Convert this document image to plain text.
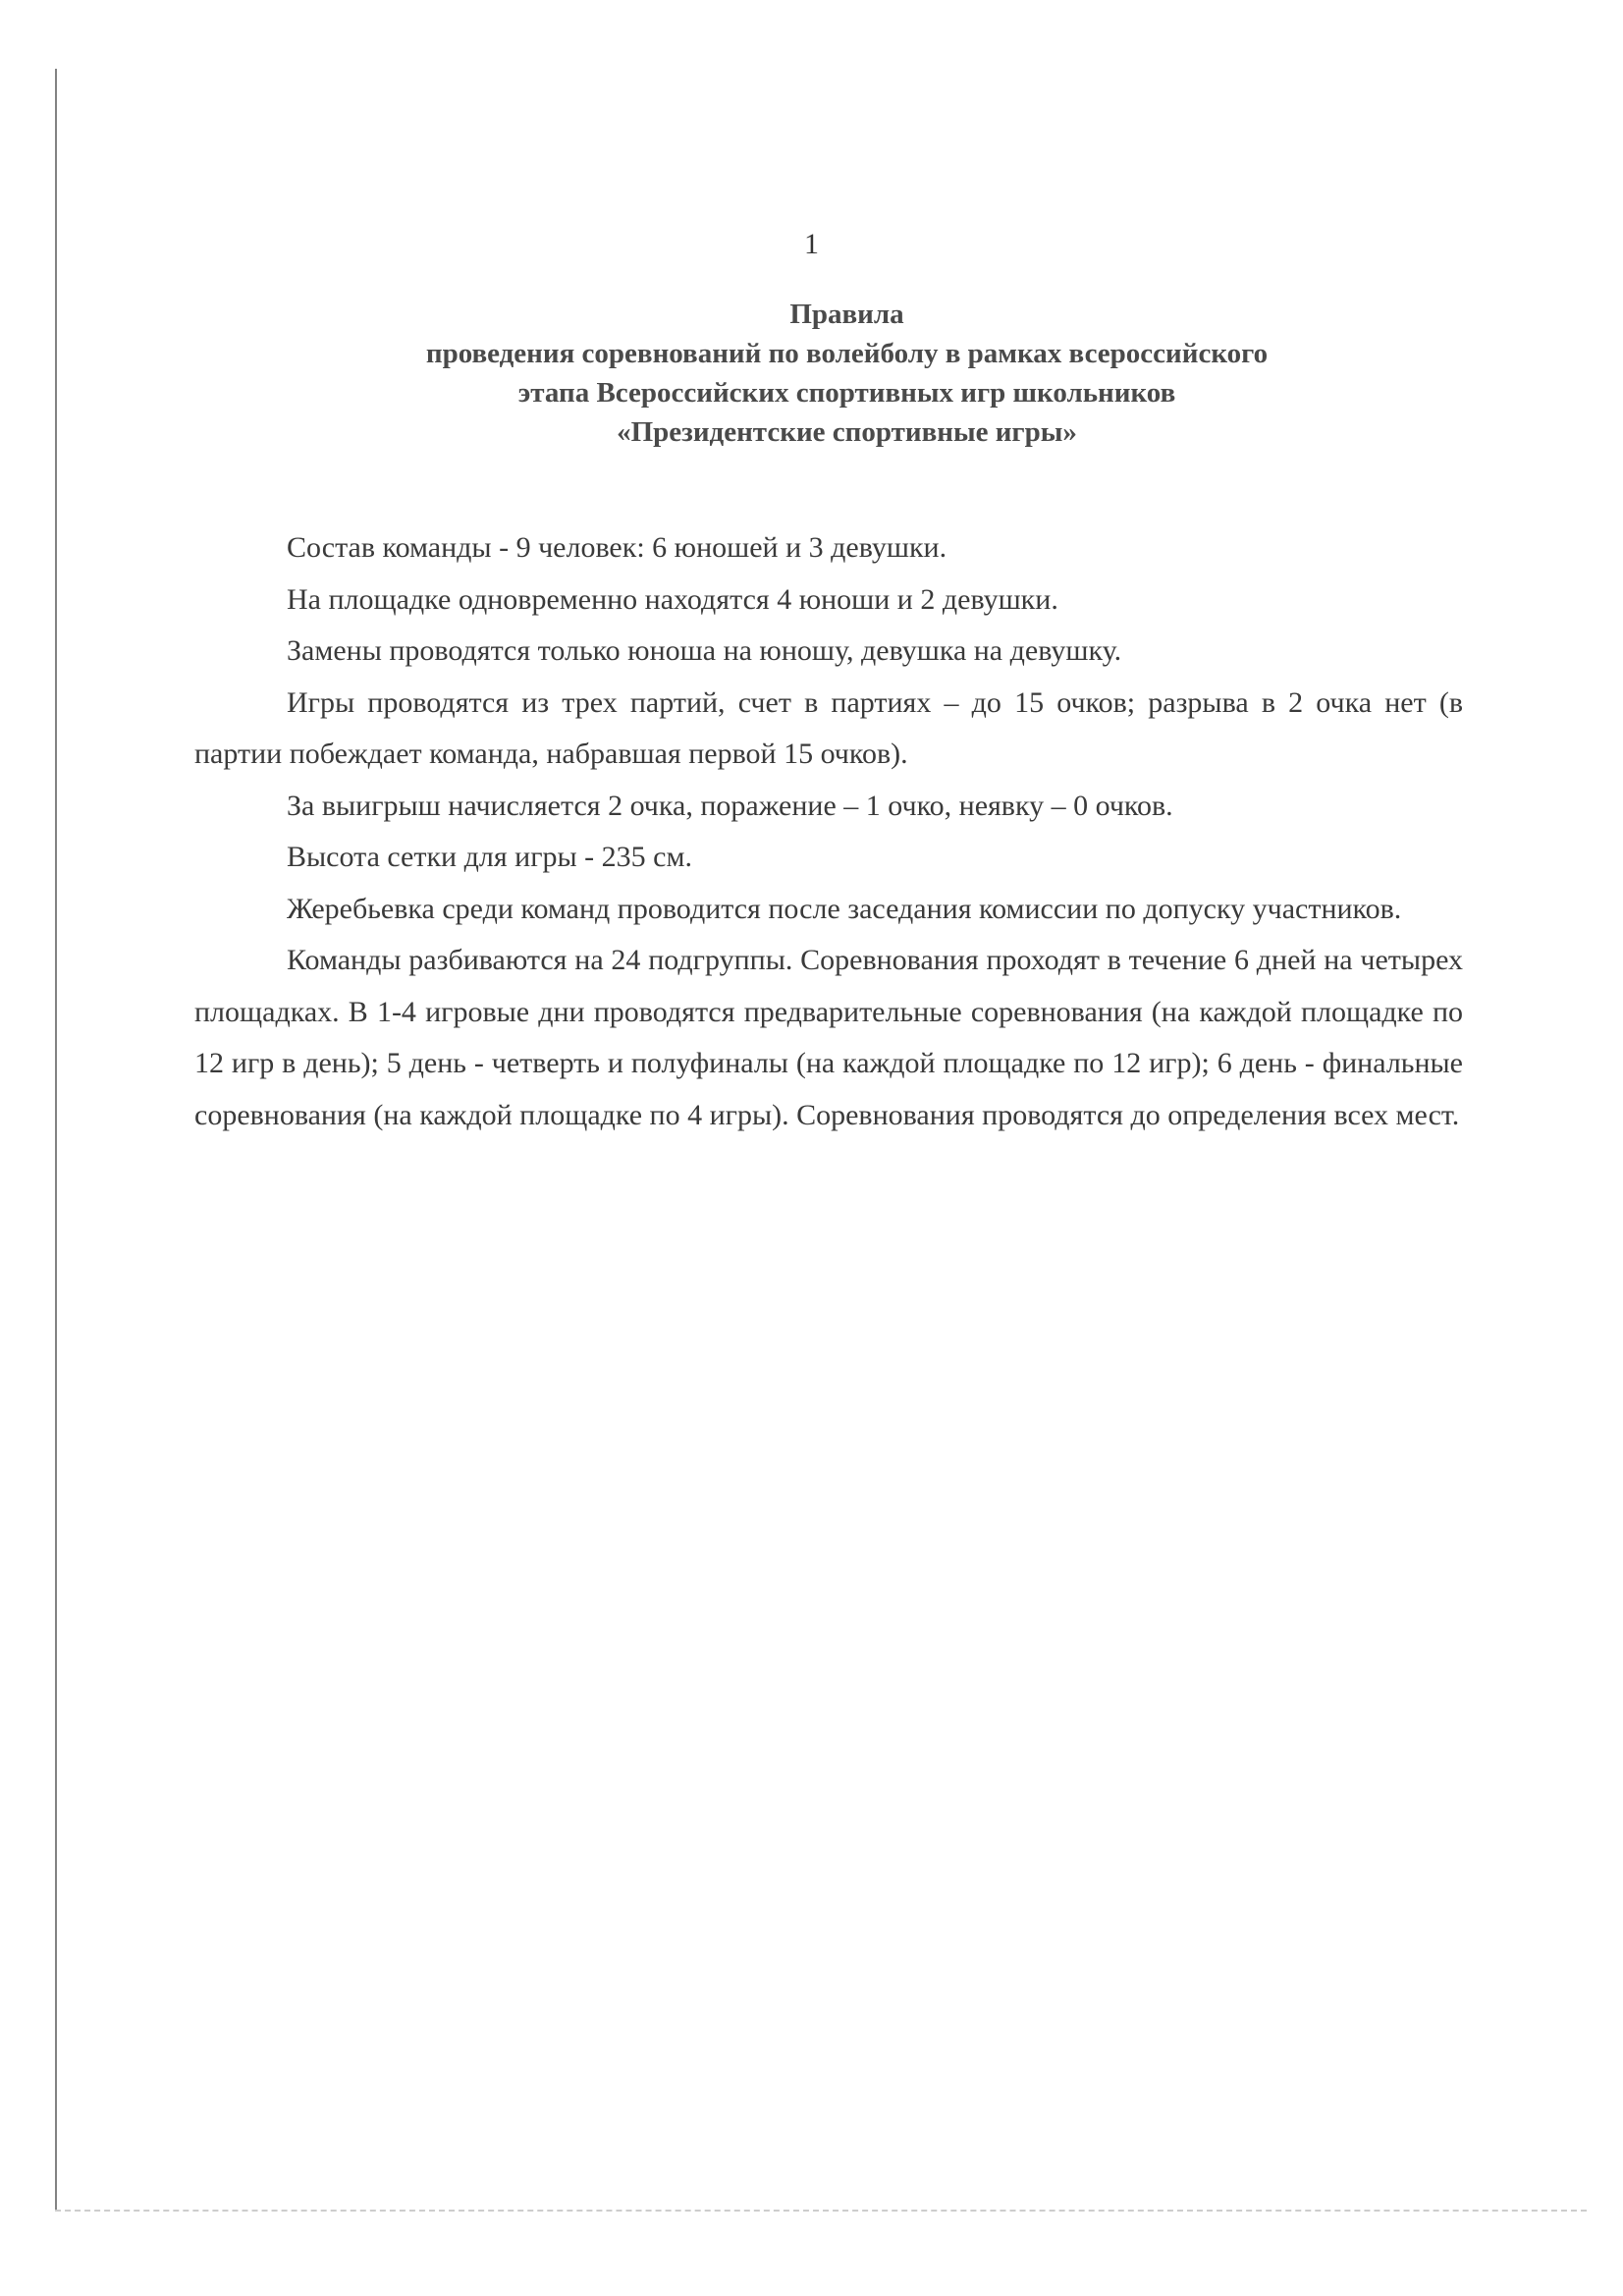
1
Правила
проведения соревнований по волейболу в рамках всероссийского
этапа Всероссийских спортивных игр школьников
«Президентские спортивные игры»

Состав команды - 9 человек: 6 юношей и 3 девушки.

На площадке одновременно находятся 4 юноши и 2 девушки.

Замены проводятся только юноша на юношу, девушка на девушку.

Игры проводятся из трех партий, счет в партиях – до 15 очков; разрыва в 2 очка нет (в партии побеждает команда, набравшая первой 15 очков).

За выигрыш начисляется 2 очка, поражение – 1 очко, неявку – 0 очков.

Высота сетки для игры - 235 см.

Жеребьевка среди команд проводится после заседания комиссии по допуску участников.

Команды разбиваются на 24 подгруппы. Соревнования проходят в течение 6 дней на четырех площадках. В 1-4 игровые дни проводятся предварительные соревнования (на каждой площадке по 12 игр в день); 5 день - четверть и полуфиналы (на каждой площадке по 12 игр); 6 день - финальные соревнования (на каждой площадке по 4 игры). Соревнования проводятся до определения всех мест.
